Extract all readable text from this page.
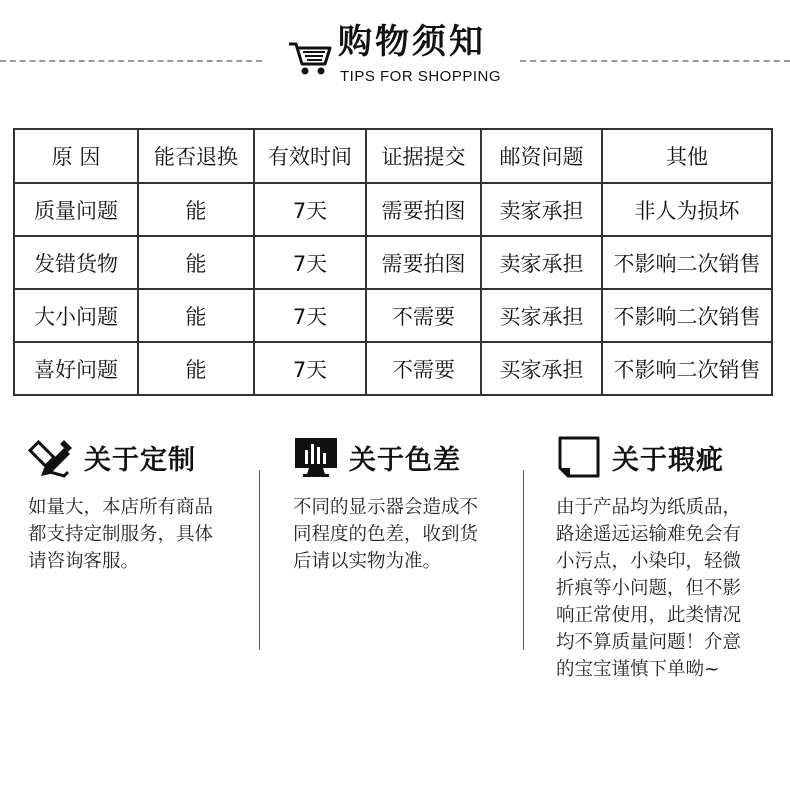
购物须知
TIPS FOR SHOPPING
原 因	能否退换	有效时间	证据提交	邮资问题	其他
质量问题	能	7天	需要拍图	卖家承担	非人为损坏
发错货物	能	7天	需要拍图	卖家承担	不影响二次销售
大小问题	能	7天	不需要	买家承担	不影响二次销售
喜好问题	能	7天	不需要	买家承担	不影响二次销售
关于定制
如量大，本店所有商品
都支持定制服务，具体
请咨询客服。
关于色差
不同的显示器会造成不
同程度的色差，收到货
后请以实物为准。
关于瑕疵
由于产品均为纸质品，
路途遥远运输难免会有
小污点，小染印，轻微
折痕等小问题，但不影
响正常使用，此类情况
均不算质量问题！介意
的宝宝谨慎下单呦~
